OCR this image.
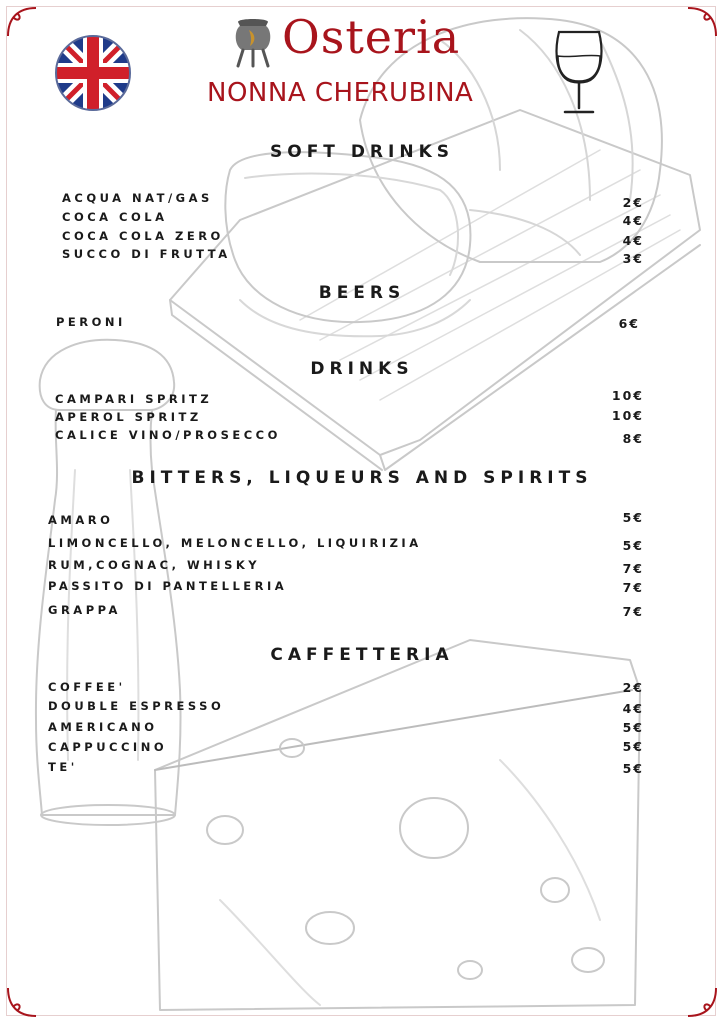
Osteria
NONNA CHERUBINA
SOFT DRINKS
ACQUA NAT/GAS	2€
COCA COLA	4€
COCA COLA ZERO	4€
SUCCO DI FRUTTA	3€
BEERS
PERONI	6€
DRINKS
CAMPARI SPRITZ	10€
APEROL SPRITZ	10€
CALICE VINO/PROSECCO	8€
BITTERS, LIQUEURS AND SPIRITS
AMARO	5€
LIMONCELLO, MELONCELLO, LIQUIRIZIA	5€
RUM,COGNAC, WHISKY	7€
PASSITO DI PANTELLERIA	7€
GRAPPA	7€
CAFFETTERIA
COFFEE'	2€
DOUBLE ESPRESSO	4€
AMERICANO	5€
CAPPUCCINO	5€
TE'	5€
